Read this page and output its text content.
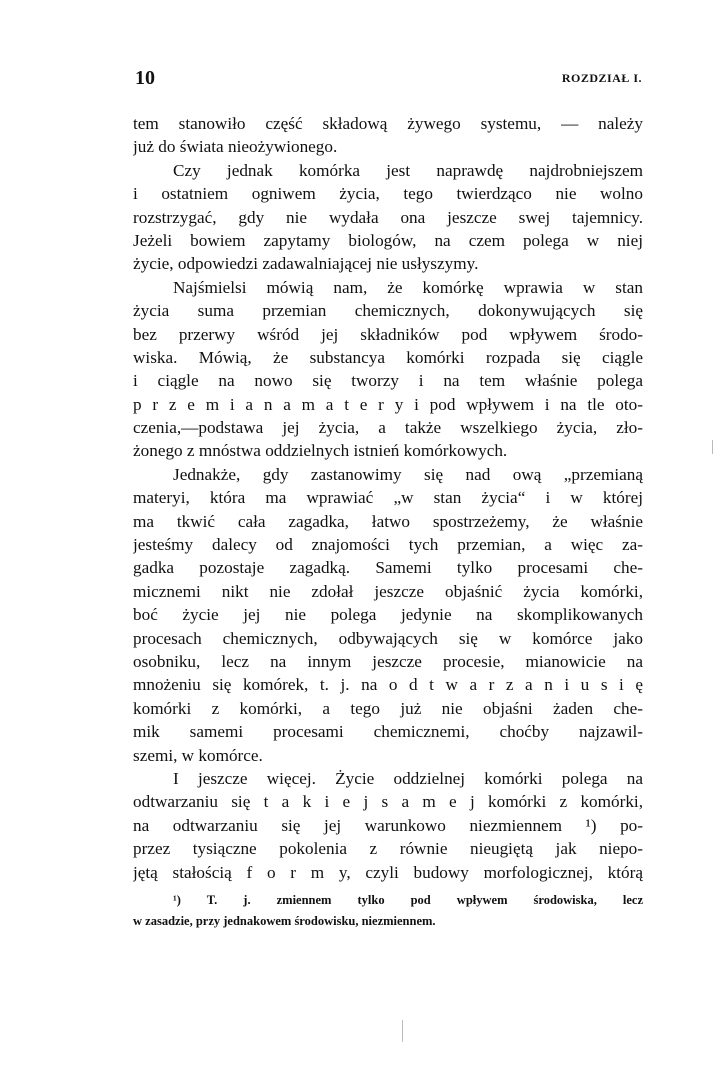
10	ROZDZIAŁ I.
tem stanowiło część składową żywego systemu, — należy
już do świata nieożywionego.
Czy jednak komórka jest naprawdę najdrobniejszem
i ostatniem ogniwem życia, tego twierdząco nie wolno
rozstrzygać, gdy nie wydała ona jeszcze swej tajemnicy.
Jeżeli bowiem zapytamy biologów, na czem polega w niej
życie, odpowiedzi zadawalniającej nie usłyszymy.
Najśmielsi mówią nam, że komórkę wprawia w stan
życia suma przemian chemicznych, dokonywujących się
bez przerwy wśród jej składników pod wpływem środo-
wiska. Mówią, że substancya komórki rozpada się ciągle
i ciągle na nowo się tworzy i na tem właśnie polega
p r z e m i a n a m a t e r y i pod wpływem i na tle oto-
czenia,—podstawa jej życia, a także wszelkiego życia, zło-
żonego z mnóstwa oddzielnych istnień komórkowych.
Jednakże, gdy zastanowimy się nad ową „przemianą
materyi, która ma wprawiać „w stan życia“ i w której
ma tkwić cała zagadka, łatwo spostrzeżemy, że właśnie
jesteśmy dalecy od znajomości tych przemian, a więc za-
gadka pozostaje zagadką. Samemi tylko procesami che-
micznemi nikt nie zdołał jeszcze objaśnić życia komórki,
boć życie jej nie polega jedynie na skomplikowanych
procesach chemicznych, odbywających się w komórce jako
osobniku, lecz na innym jeszcze procesie, mianowicie na
mnożeniu się komórek, t. j. na o d t w a r z a n i u s i ę
komórki z komórki, a tego już nie objaśni żaden che-
mik samemi procesami chemicznemi, choćby najzawil-
szemi, w komórce.
I jeszcze więcej. Życie oddzielnej komórki polega na
odtwarzaniu się t a k i e j s a m e j komórki z komórki,
na odtwarzaniu się jej warunkowo niezmiennem ¹) po-
przez tysiączne pokolenia z równie nieugiętą jak niepo-
jętą stałością f o r m y, czyli budowy morfologicznej, którą
¹) T. j. zmiennem tylko pod wpływem środowiska, lecz
w zasadzie, przy jednakowem środowisku, niezmiennem.
